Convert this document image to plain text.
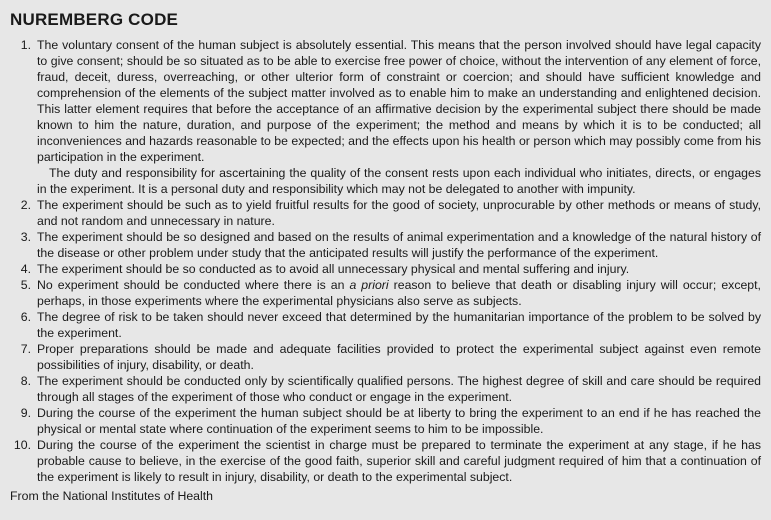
NUREMBERG CODE
1. The voluntary consent of the human subject is absolutely essential. This means that the person involved should have legal capacity to give consent; should be so situated as to be able to exercise free power of choice, without the intervention of any element of force, fraud, deceit, duress, overreaching, or other ulterior form of constraint or coercion; and should have sufficient knowledge and comprehension of the elements of the subject matter involved as to enable him to make an understanding and enlightened decision. This latter element requires that before the acceptance of an affirmative decision by the experimental subject there should be made known to him the nature, duration, and purpose of the experiment; the method and means by which it is to be conducted; all inconveniences and hazards reasonable to be expected; and the effects upon his health or person which may possibly come from his participation in the experiment.
The duty and responsibility for ascertaining the quality of the consent rests upon each individual who initiates, directs, or engages in the experiment. It is a personal duty and responsibility which may not be delegated to another with impunity.
2. The experiment should be such as to yield fruitful results for the good of society, unprocurable by other methods or means of study, and not random and unnecessary in nature.
3. The experiment should be so designed and based on the results of animal experimentation and a knowledge of the natural history of the disease or other problem under study that the anticipated results will justify the performance of the experiment.
4. The experiment should be so conducted as to avoid all unnecessary physical and mental suffering and injury.
5. No experiment should be conducted where there is an a priori reason to believe that death or disabling injury will occur; except, perhaps, in those experiments where the experimental physicians also serve as subjects.
6. The degree of risk to be taken should never exceed that determined by the humanitarian importance of the problem to be solved by the experiment.
7. Proper preparations should be made and adequate facilities provided to protect the experimental subject against even remote possibilities of injury, disability, or death.
8. The experiment should be conducted only by scientifically qualified persons. The highest degree of skill and care should be required through all stages of the experiment of those who conduct or engage in the experiment.
9. During the course of the experiment the human subject should be at liberty to bring the experiment to an end if he has reached the physical or mental state where continuation of the experiment seems to him to be impossible.
10. During the course of the experiment the scientist in charge must be prepared to terminate the experiment at any stage, if he has probable cause to believe, in the exercise of the good faith, superior skill and careful judgment required of him that a continuation of the experiment is likely to result in injury, disability, or death to the experimental subject.
From the National Institutes of Health
